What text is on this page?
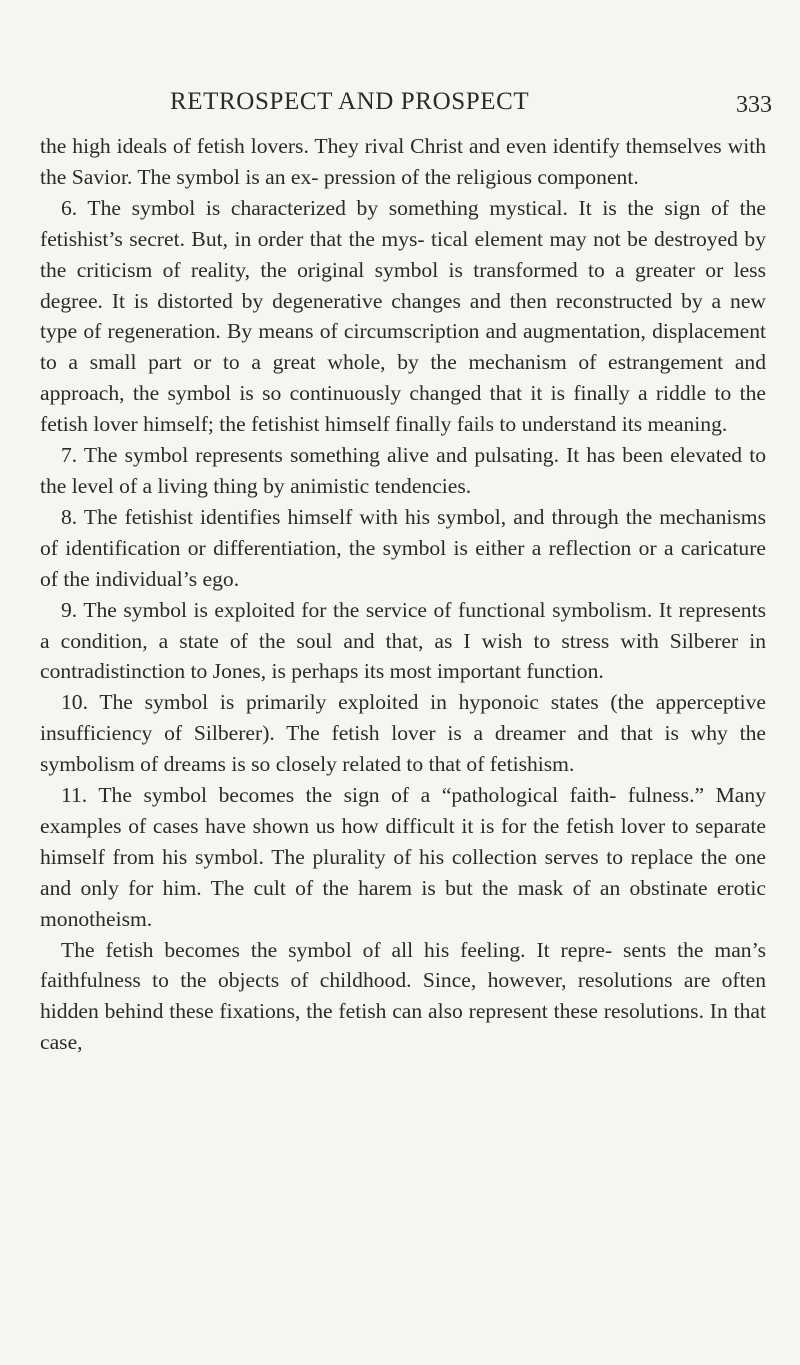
RETROSPECT AND PROSPECT	333

the high ideals of fetish lovers. They rival Christ and even identify themselves with the Savior. The symbol is an ex- pression of the religious component.

6. The symbol is characterized by something mystical. It is the sign of the fetishist’s secret. But, in order that the mys- tical element may not be destroyed by the criticism of reality, the original symbol is transformed to a greater or less degree. It is distorted by degenerative changes and then reconstructed by a new type of regeneration. By means of circumscription and augmentation, displacement to a small part or to a great whole, by the mechanism of estrangement and approach, the symbol is so continuously changed that it is finally a riddle to the fetish lover himself; the fetishist himself finally fails to understand its meaning.

7. The symbol represents something alive and pulsating. It has been elevated to the level of a living thing by animistic tendencies.

8. The fetishist identifies himself with his symbol, and through the mechanisms of identification or differentiation, the symbol is either a reflection or a caricature of the individual’s ego.

9. The symbol is exploited for the service of functional symbolism. It represents a condition, a state of the soul and that, as I wish to stress with Silberer in contradistinction to Jones, is perhaps its most important function.

10. The symbol is primarily exploited in hyponoic states (the apperceptive insufficiency of Silberer). The fetish lover is a dreamer and that is why the symbolism of dreams is so closely related to that of fetishism.

11. The symbol becomes the sign of a “pathological faith- fulness.” Many examples of cases have shown us how difficult it is for the fetish lover to separate himself from his symbol. The plurality of his collection serves to replace the one and only for him. The cult of the harem is but the mask of an obstinate erotic monotheism.

The fetish becomes the symbol of all his feeling. It repre- sents the man’s faithfulness to the objects of childhood. Since, however, resolutions are often hidden behind these fixations, the fetish can also represent these resolutions. In that case,
